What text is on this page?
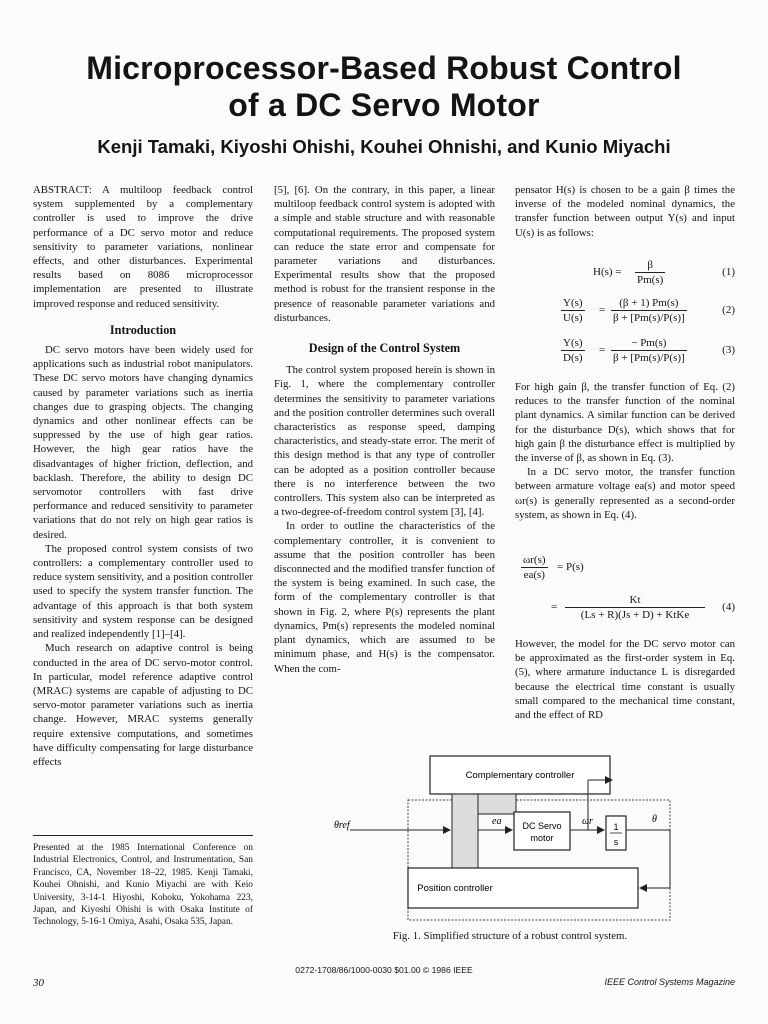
Microprocessor-Based Robust Control
of a DC Servo Motor
Kenji Tamaki, Kiyoshi Ohishi, Kouhei Ohnishi, and Kunio Miyachi

ABSTRACT: A multiloop feedback control system supplemented by a complementary controller is used to improve the drive performance of a DC servo motor and reduce sensitivity to parameter variations, nonlinear effects, and other disturbances. Experimental results based on 8086 microprocessor implementation are presented to illustrate improved response and reduced sensitivity.

Introduction

DC servo motors have been widely used for applications such as industrial robot manipulators. These DC servo motors have changing dynamics caused by parameter variations such as inertia changes due to grasping objects. The changing dynamics and other nonlinear effects can be suppressed by the use of high gear ratios. However, the high gear ratios have the disadvantages of higher friction, deflection, and backlash. Therefore, the ability to design DC servomotor controllers with fast drive performance and reduced sensitivity to parameter variations that do not rely on high gear ratios is desired.

The proposed control system consists of two controllers: a complementary controller used to reduce system sensitivity, and a position controller used to specify the system transfer function. The advantage of this approach is that both system sensitivity and system response can be designed and realized independently [1]–[4].

Much research on adaptive control is being conducted in the area of DC servo-motor control. In particular, model reference adaptive control (MRAC) systems are capable of adjusting to DC servo-motor parameter variations such as inertia change. However, MRAC systems generally require extensive computations, and sometimes have difficulty compensating for large disturbance effects

Presented at the 1985 International Conference on Industrial Electronics, Control, and Instrumentation, San Francisco, CA, November 18–22, 1985. Kenji Tamaki, Kouhei Ohnishi, and Kunio Miyachi are with Keio University, 3-14-1 Hiyoshi, Kohoku, Yokohama 223, Japan, and Kiyoshi Ohishi is with Osaka Institute of Technology, 5-16-1 Omiya, Asahi, Osaka 535, Japan.

[5], [6]. On the contrary, in this paper, a linear multiloop feedback control system is adopted with a simple and stable structure and with reasonable computational requirements. The proposed system can reduce the state error and compensate for parameter variations and disturbances. Experimental results show that the proposed method is robust for the transient response in the presence of reasonable parameter variations and disturbances.

Design of the Control System

The control system proposed herein is shown in Fig. 1, where the complementary controller determines the sensitivity to parameter variations and the position controller determines such overall characteristics as response speed, damping characteristics, and steady-state error. The merit of this design method is that any type of controller can be adopted as a position controller because there is no interference between the two controllers. This system also can be interpreted as a two-degree-of-freedom control system [3], [4].

In order to outline the characteristics of the complementary controller, it is convenient to assume that the position controller has been disconnected and the modified transfer function of the system is being examined. In such case, the form of the complementary controller is that shown in Fig. 2, where P(s) represents the plant dynamics, Pm(s) represents the modeled nominal plant dynamics, which are assumed to be minimum phase, and H(s) is the compensator. When the com-

pensator H(s) is chosen to be a gain β times the inverse of the modeled nominal dynamics, the transfer function between output Y(s) and input U(s) is as follows:

$H(s) = \frac{\beta}{Pm(s)}$	(1)
$\frac{Y(s)}{U(s)} = \frac{(\beta + 1) Pm(s)}{\beta + [Pm(s)/P(s)]}$	(2)
$\frac{Y(s)}{D(s)} = \frac{- Pm(s)}{\beta + [Pm(s)/P(s)]}$	(3)

For high gain β, the transfer function of Eq. (2) reduces to the transfer function of the nominal plant dynamics. A similar function can be derived for the disturbance D(s), which shows that for high gain β the disturbance effect is multiplied by the inverse of β, as shown in Eq. (3).

In a DC servo motor, the transfer function between armature voltage ea(s) and motor speed ωr(s) is generally represented as a second-order system, as shown in Eq. (4).

$\frac{\omega r(s)}{ea(s)} = P(s)$
=
Kt
(Ls + R)(Js + D) + KtKe
(4)

However, the model for the DC servo motor can be approximated as the first-order system in Eq. (5), where armature inductance L is disregarded because the electrical time constant is usually small compared to the mechanical time constant, and the effect of RD

Complementary controller
Position controller
DC Servo
motor
1
s
θref	ea	ωr	θ
Fig. 1. Simplified structure of a robust control system.
0272-1708/86/1000-0030 $01.00 © 1986 IEEE
30	IEEE Control Systems Magazine
